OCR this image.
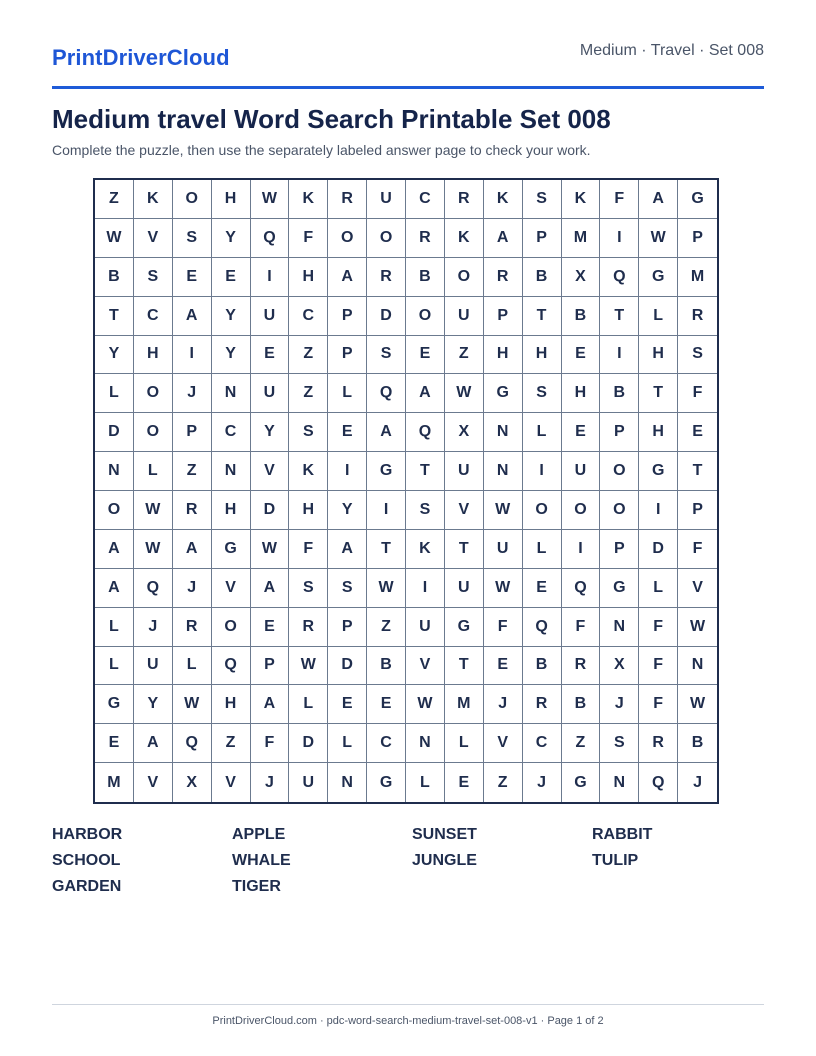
PrintDriverCloud	Medium · Travel · Set 008
Medium travel Word Search Printable Set 008

Complete the puzzle, then use the separately labeled answer page to check your work.

Z	K	O	H	W	K	R	U	C	R	K	S	K	F	A	G
W	V	S	Y	Q	F	O	O	R	K	A	P	M	I	W	P
B	S	E	E	I	H	A	R	B	O	R	B	X	Q	G	M
T	C	A	Y	U	C	P	D	O	U	P	T	B	T	L	R
Y	H	I	Y	E	Z	P	S	E	Z	H	H	E	I	H	S
L	O	J	N	U	Z	L	Q	A	W	G	S	H	B	T	F
D	O	P	C	Y	S	E	A	Q	X	N	L	E	P	H	E
N	L	Z	N	V	K	I	G	T	U	N	I	U	O	G	T
O	W	R	H	D	H	Y	I	S	V	W	O	O	O	I	P
A	W	A	G	W	F	A	T	K	T	U	L	I	P	D	F
A	Q	J	V	A	S	S	W	I	U	W	E	Q	G	L	V
L	J	R	O	E	R	P	Z	U	G	F	Q	F	N	F	W
L	U	L	Q	P	W	D	B	V	T	E	B	R	X	F	N
G	Y	W	H	A	L	E	E	W	M	J	R	B	J	F	W
E	A	Q	Z	F	D	L	C	N	L	V	C	Z	S	R	B
M	V	X	V	J	U	N	G	L	E	Z	J	G	N	Q	J
HARBOR	APPLE	SUNSET	RABBIT
SCHOOL	WHALE	JUNGLE	TULIP
GARDEN	TIGER
PrintDriverCloud.com · pdc-word-search-medium-travel-set-008-v1 · Page 1 of 2
